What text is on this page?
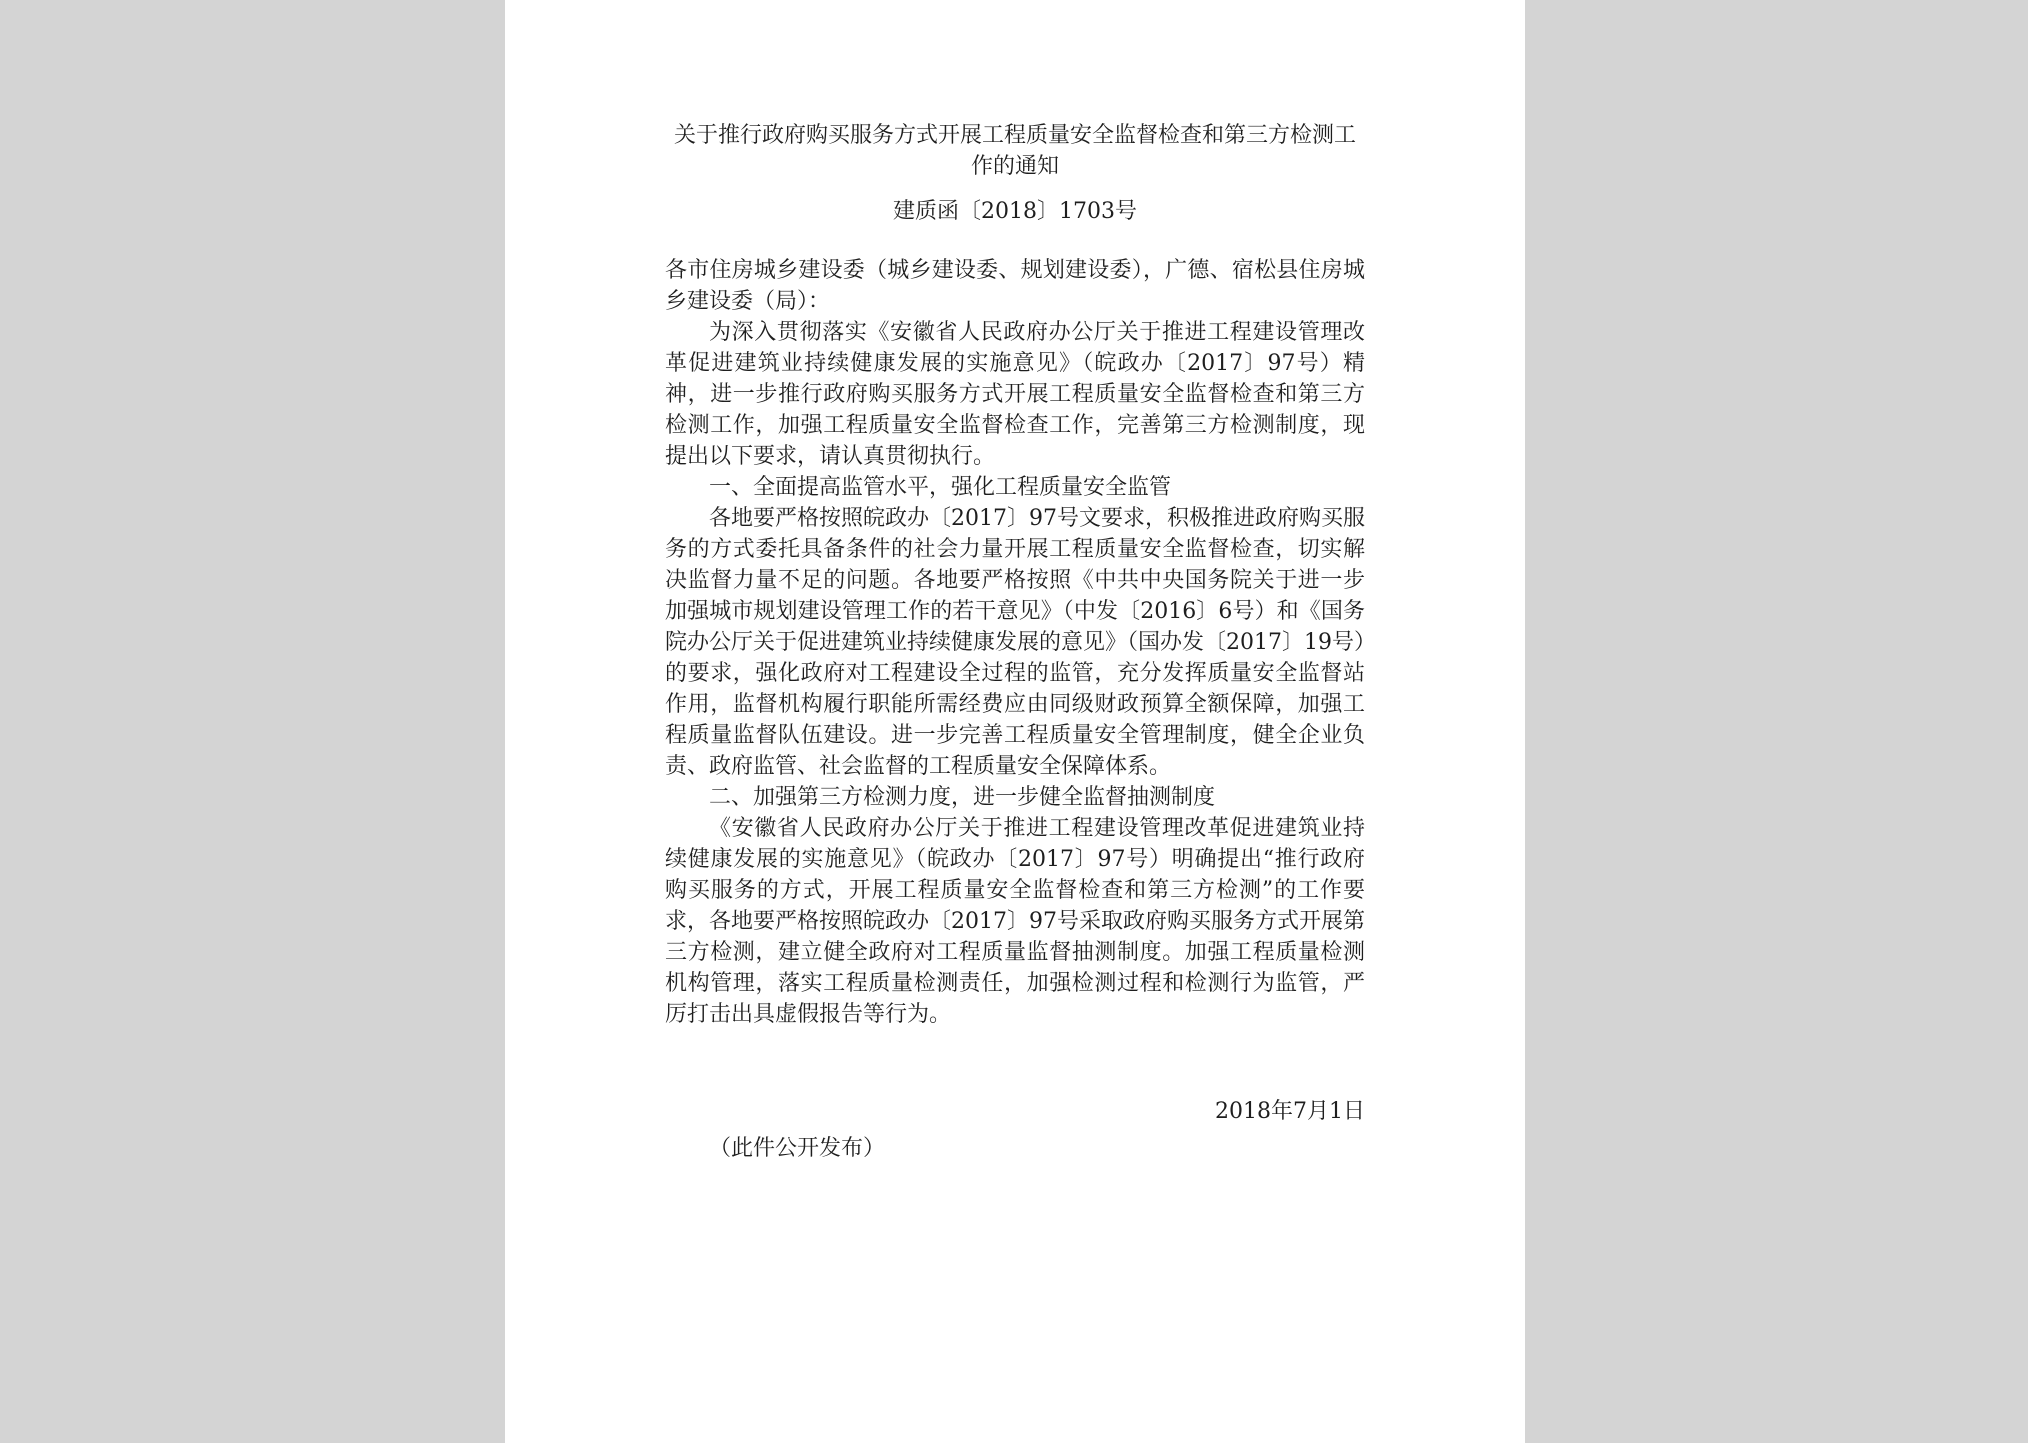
关于推行政府购买服务方式开展工程质量安全监督检查和第三方检测工作的通知

建质函〔2018〕1703号

各市住房城乡建设委（城乡建设委、规划建设委），广德、宿松县住房城乡建设委（局）：

为深入贯彻落实《安徽省人民政府办公厅关于推进工程建设管理改革促进建筑业持续健康发展的实施意见》（皖政办〔2017〕97号）精神，进一步推行政府购买服务方式开展工程质量安全监督检查和第三方检测工作，加强工程质量安全监督检查工作，完善第三方检测制度，现提出以下要求，请认真贯彻执行。

一、全面提高监管水平，强化工程质量安全监管

各地要严格按照皖政办〔2017〕97号文要求，积极推进政府购买服务的方式委托具备条件的社会力量开展工程质量安全监督检查，切实解决监督力量不足的问题。各地要严格按照《中共中央国务院关于进一步加强城市规划建设管理工作的若干意见》（中发〔2016〕6号）和《国务院办公厅关于促进建筑业持续健康发展的意见》（国办发〔2017〕19号）的要求，强化政府对工程建设全过程的监管，充分发挥质量安全监督站作用，监督机构履行职能所需经费应由同级财政预算全额保障，加强工程质量监督队伍建设。进一步完善工程质量安全管理制度，健全企业负责、政府监管、社会监督的工程质量安全保障体系。

二、加强第三方检测力度，进一步健全监督抽测制度

《安徽省人民政府办公厅关于推进工程建设管理改革促进建筑业持续健康发展的实施意见》（皖政办〔2017〕97号）明确提出“推行政府购买服务的方式，开展工程质量安全监督检查和第三方检测”的工作要求，各地要严格按照皖政办〔2017〕97号采取政府购买服务方式开展第三方检测，建立健全政府对工程质量监督抽测制度。加强工程质量检测机构管理，落实工程质量检测责任，加强检测过程和检测行为监管，严厉打击出具虚假报告等行为。

2018年7月1日

（此件公开发布）
